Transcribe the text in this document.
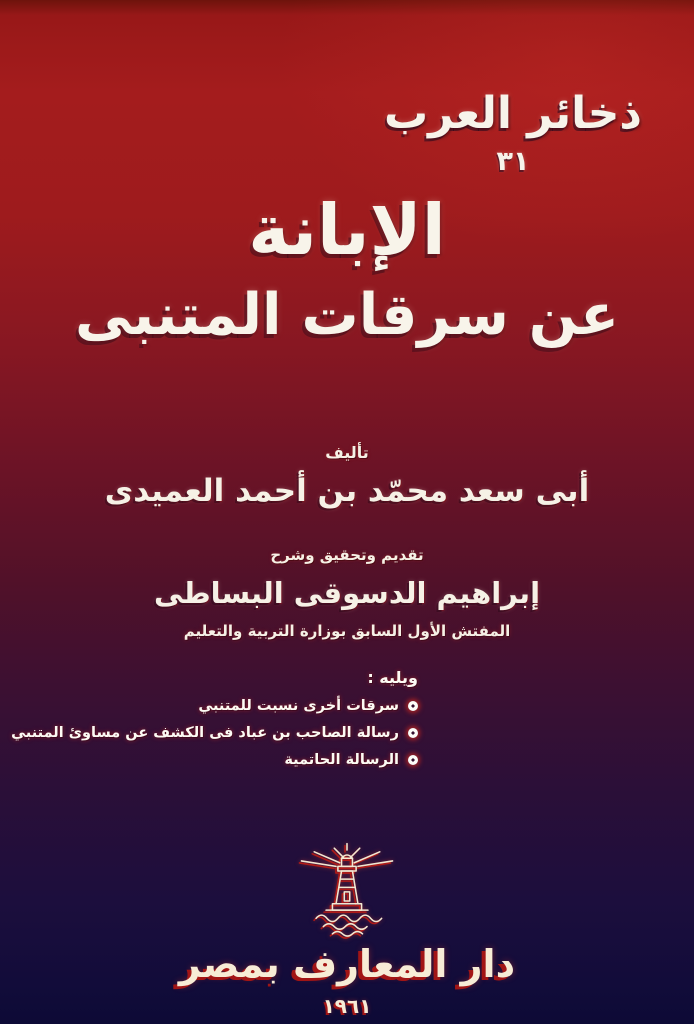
ذخائر العرب
٣١
الإبانة
عن سرقات المتنبى
تأليف
أبى سعد محمّد بن أحمد العميدى
تقديم وتحقيق وشرح
إبراهيم الدسوقى البساطى
المفتش الأول السابق بوزارة التربية والتعليم
ويليه :
سرقات أخرى نسبت للمتنبي
رسالة الصاحب بن عباد فى الكشف عن مساوئ المتنبي
الرسالة الحاتمية
دار المعارف بمصر
١٩٦١
